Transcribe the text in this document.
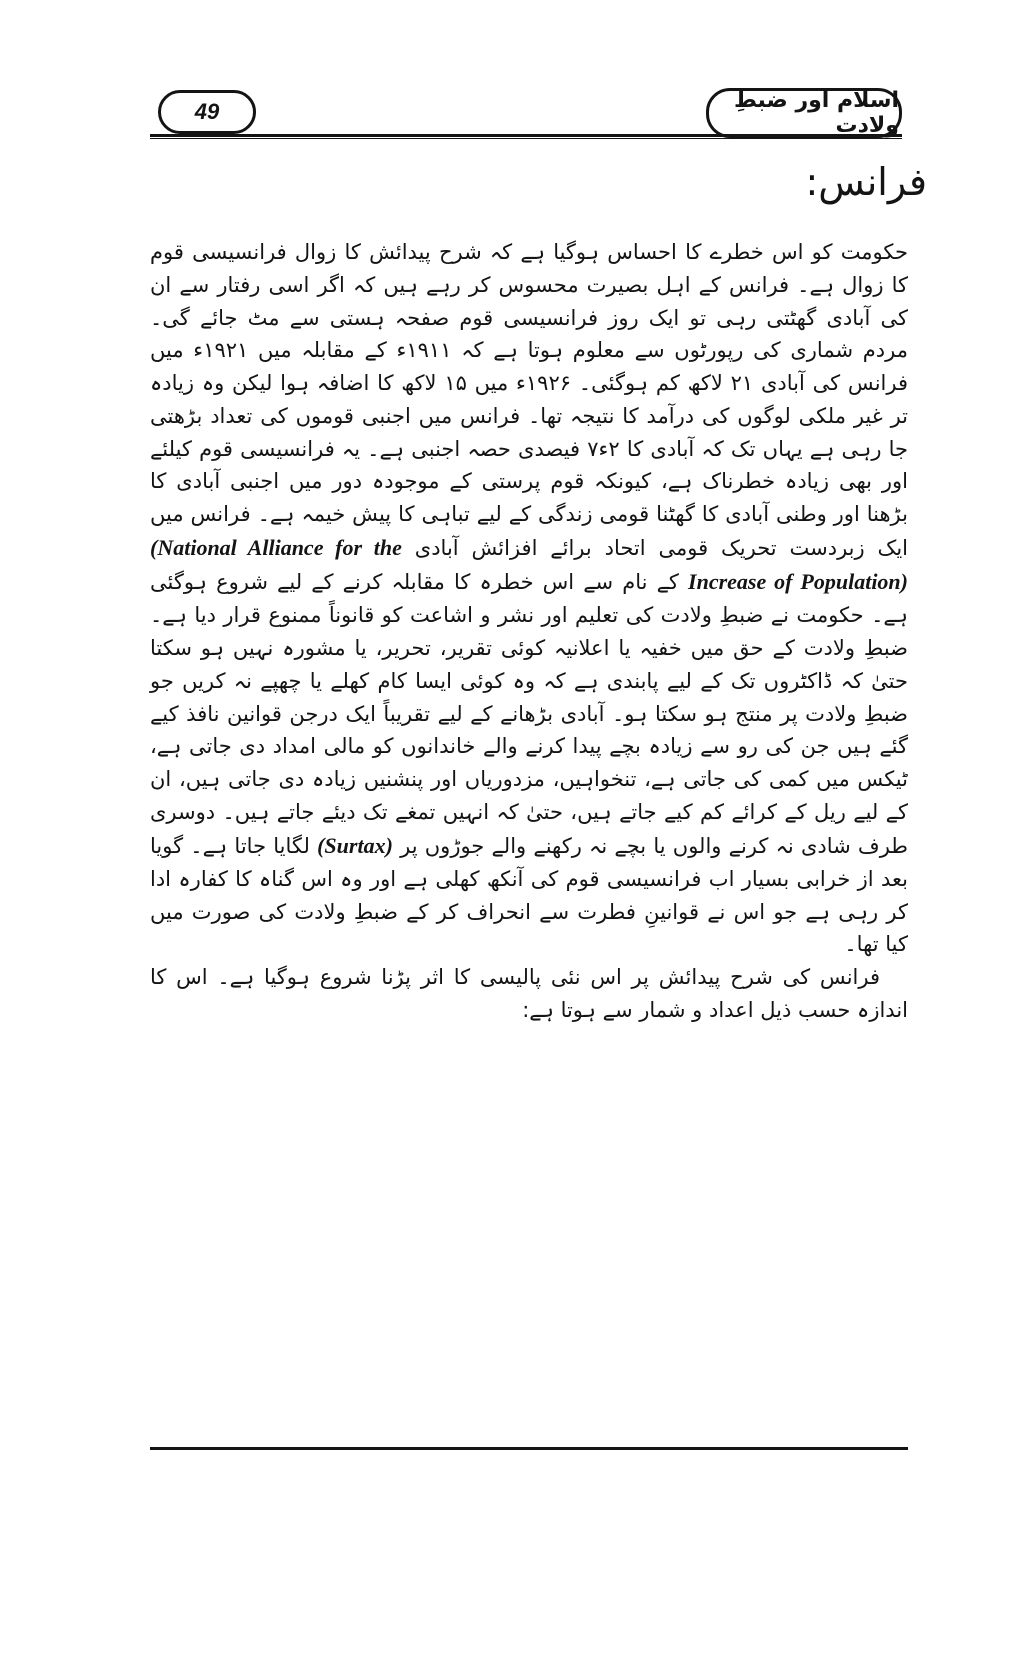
49	اسلام اور ضبطِ ولادت
فرانس:

حکومت کو اس خطرے کا احساس ہوگیا ہے کہ شرح پیدائش کا زوال فرانسیسی قوم کا زوال ہے۔ فرانس کے اہل بصیرت محسوس کر رہے ہیں کہ اگر اسی رفتار سے ان کی آبادی گھٹتی رہی تو ایک روز فرانسیسی قوم صفحہ ہستی سے مٹ جائے گی۔ مردم شماری کی رپورٹوں سے معلوم ہوتا ہے کہ ۱۹۱۱ء کے مقابلہ میں ۱۹۲۱ء میں فرانس کی آبادی ۲۱ لاکھ کم ہوگئی۔ ۱۹۲۶ء میں ۱۵ لاکھ کا اضافہ ہوا لیکن وہ زیادہ تر غیر ملکی لوگوں کی درآمد کا نتیجہ تھا۔ فرانس میں اجنبی قوموں کی تعداد بڑھتی جا رہی ہے یہاں تک کہ آبادی کا ۲ء۷ فیصدی حصہ اجنبی ہے۔ یہ فرانسیسی قوم کیلئے اور بھی زیادہ خطرناک ہے، کیونکہ قوم پرستی کے موجودہ دور میں اجنبی آبادی کا بڑھنا اور وطنی آبادی کا گھٹنا قومی زندگی کے لیے تباہی کا پیش خیمہ ہے۔ فرانس میں ایک زبردست تحریک قومی اتحاد برائے افزائش آبادی (National Alliance for the Increase of Population) کے نام سے اس خطرہ کا مقابلہ کرنے کے لیے شروع ہوگئی ہے۔ حکومت نے ضبطِ ولادت کی تعلیم اور نشر و اشاعت کو قانوناً ممنوع قرار دیا ہے۔ ضبطِ ولادت کے حق میں خفیہ یا اعلانیہ کوئی تقریر، تحریر، یا مشورہ نہیں ہو سکتا حتیٰ کہ ڈاکٹروں تک کے لیے پابندی ہے کہ وہ کوئی ایسا کام کھلے یا چھپے نہ کریں جو ضبطِ ولادت پر منتج ہو سکتا ہو۔ آبادی بڑھانے کے لیے تقریباً ایک درجن قوانین نافذ کیے گئے ہیں جن کی رو سے زیادہ بچے پیدا کرنے والے خاندانوں کو مالی امداد دی جاتی ہے، ٹیکس میں کمی کی جاتی ہے، تنخواہیں، مزدوریاں اور پنشنیں زیادہ دی جاتی ہیں، ان کے لیے ریل کے کرائے کم کیے جاتے ہیں، حتیٰ کہ انہیں تمغے تک دیئے جاتے ہیں۔ دوسری طرف شادی نہ کرنے والوں یا بچے نہ رکھنے والے جوڑوں پر (Surtax) لگایا جاتا ہے۔ گویا بعد از خرابی بسیار اب فرانسیسی قوم کی آنکھ کھلی ہے اور وہ اس گناہ کا کفارہ ادا کر رہی ہے جو اس نے قوانینِ فطرت سے انحراف کر کے ضبطِ ولادت کی صورت میں کیا تھا۔

فرانس کی شرح پیدائش پر اس نئی پالیسی کا اثر پڑنا شروع ہوگیا ہے۔ اس کا اندازہ حسب ذیل اعداد و شمار سے ہوتا ہے:
